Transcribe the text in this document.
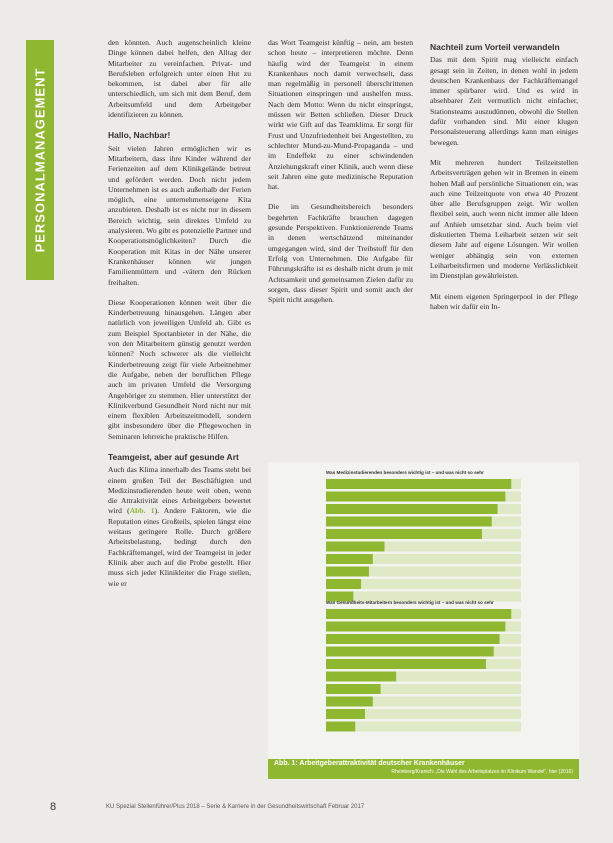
PERSONALMANAGEMENT

den könnten. Auch augenscheinlich kleine Dinge können dabei helfen, den Alltag der Mitarbeiter zu vereinfachen. Privat- und Berufsleben erfolgreich unter einen Hut zu bekommen, ist dabei aber für alle unterschiedlich, um sich mit dem Beruf, dem Arbeitsumfeld und dem Arbeitgeber identifizieren zu können.

Hallo, Nachbar!

Seit vielen Jahren ermöglichen wir es Mitarbeitern, dass ihre Kinder während der Ferienzeiten auf dem Klinikgelände betreut und gefördert werden. Doch nicht jedem Unternehmen ist es auch außerhalb der Ferien möglich, eine unternehmenseigene Kita anzubieten. Deshalb ist es nicht nur in diesem Bereich wichtig, sein direktes Umfeld zu analysieren. Wo gibt es potenzielle Partner und Kooperationsmöglichkeiten? Durch die Kooperation mit Kitas in der Nähe unserer Krankenhäuser können wir jungen Familienmüttern und -vätern den Rücken freihalten.

Diese Kooperationen können weit über die Kinderbetreuung hinausgehen. Längen aber natürlich von jeweiligen Umfeld ab. Gibt es zum Beispiel Sportanbieter in der Nähe, die von den Mitarbeitern günstig genutzt werden können? Noch schwerer als die vielleicht Kinderbetreuung zeigt für viele Arbeitnehmer die Aufgabe, neben der beruflichen Pflege auch im privaten Umfeld die Versorgung Angehöriger zu stemmen. Hier unterstützt der Klinikverbund Gesundheit Nord nicht nur mit einem flexiblen Arbeitszeitmodell, sondern gibt insbesondere über die Pflegewochen in Seminaren lehrreiche praktische Hilfen.

Teamgeist, aber auf gesunde Art

Auch das Klima innerhalb des Teams steht bei einem großen Teil der Beschäftigten und Medizinstudierenden heute weit oben, wenn die Attraktivität eines Arbeitgebers bewertet wird (Abb. 1). Andere Faktoren, wie die Reputation eines Großteils, spielen längst eine weitaus geringere Rolle. Durch größere Arbeitsbelastung, bedingt durch den Fachkräftemangel, wird der Teamgeist in jeder Klinik aber auch auf die Probe gestellt. Hier muss sich jeder Klinikleiter die Frage stellen, wie er

das Wort Teamgeist künftig – nein, am besten schon heute – interpretieren möchte. Denn häufig wird der Teamgeist in einem Krankenhaus noch damit verwechselt, dass man regelmäßig in personell überschrittenen Situationen einspringen und aushelfen muss. Nach dem Motto: Wenn du nicht einspringst, müssen wir Betten schließen. Dieser Druck wirkt wie Gift auf das Teamklima. Er sorgt für Frust und Unzufriedenheit bei Angestellten, zu schlechter Mund-zu-Mund-Propaganda – und im Endeffekt zu einer schwindenden Anziehungskraft einer Klinik, auch wenn diese seit Jahren eine gute medizinische Reputation hat.

Die im Gesundheitsbereich besonders begehrten Fachkräfte brauchen dagegen gesunde Perspektiven. Funktionierende Teams in denen wertschätzend miteinander umgegangen wird, sind der Treibstoff für den Erfolg von Unternehmen. Die Aufgabe für Führungskräfte ist es deshalb nicht drum je mit Achtsamkeit und gemeinsamen Zielen dafür zu sorgen, dass dieser Spirit und somit auch der Spirit nicht ausgehen.

Nachteil zum Vorteil verwandeln

Das mit dem Spirit mag vielleicht einfach gesagt sein in Zeiten, in denen wohl in jedem deutschen Krankenhaus der Fachkräftemangel immer spürbarer wird. Und es wird in absehbarer Zeit vermutlich nicht einfacher, Stationsteams auszudünnen, obwohl die Stellen dafür vorhanden sind. Mit einer klugen Personalsteuerung allerdings kann man einiges bewegen.

Mit mehreren hundert Teilzeitstellen Arbeitsverträgen gehen wir in Bremen in einem hohen Maß auf persönliche Situationen ein, was auch eine Teilzeitquote von etwa 40 Prozent über alle Berufsgruppen zeigt. Wir wollen flexibel sein, auch wenn nicht immer alle Ideen auf Anhieb umsetzbar sind. Auch beim viel diskutierten Thema Leiharbeit setzen wir seit diesem Jahr auf eigene Lösungen. Wir wollen weniger abhängig sein von externen Leiharbeitsfirmen und moderne Verlässlichkeit im Dienstplan gewährleisten.

Mit einem eigenen Springerpool in der Pflege haben wir dafür ein In-

Was Medizinstudierenden besonders wichtig ist – und was nicht so sehr
Was Gesundheits-Mitarbeitern besonders wichtig ist – und was nicht so sehr
Abb. 1: Arbeitgeberattraktivität deutscher Krankenhäuser
Rheinberg/Kranich: „Die Wahl des Arbeitsplatzes im Klinikum Wandel”, hier (2016)
8	KU Spezial Stellenführer/Plus 2018 – Serie & Karriere in der Gesundheitswirtschaft Februar 2017
